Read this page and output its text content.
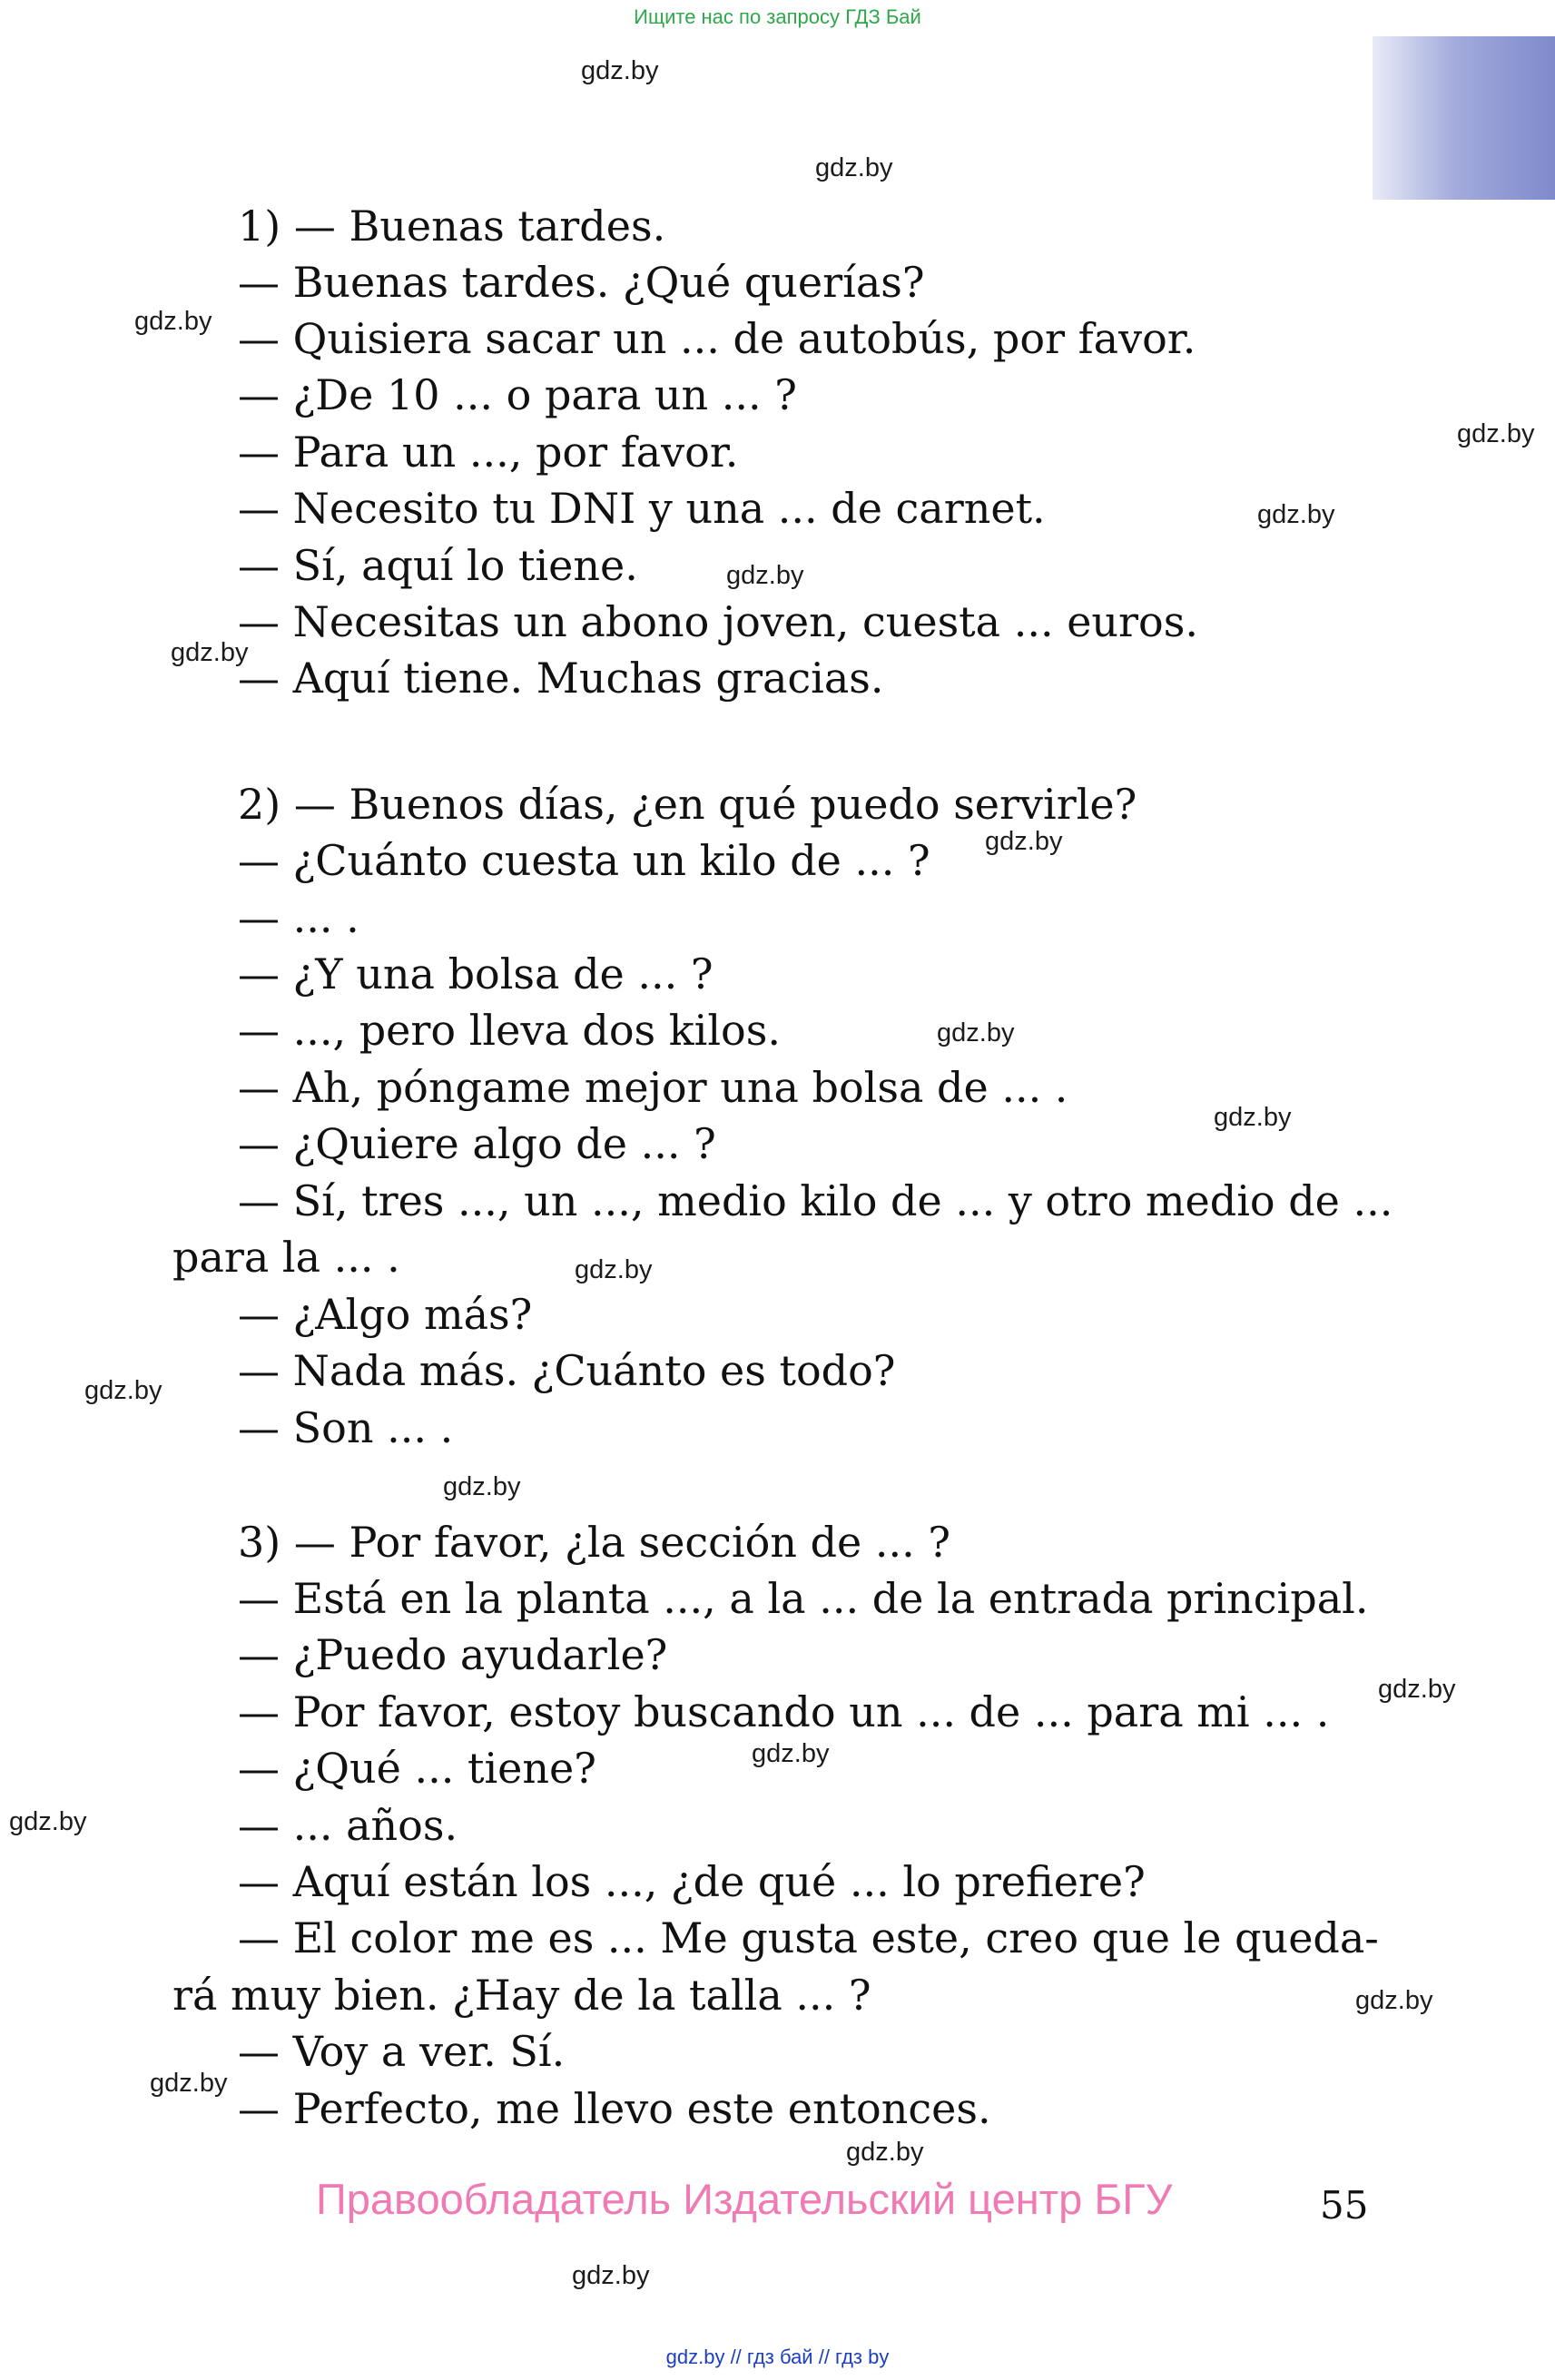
Ищите нас по запросу ГДЗ Бай
gdz.by
gdz.by
gdz.by
gdz.by
gdz.by
gdz.by
gdz.by
gdz.by
gdz.by
gdz.by
gdz.by
gdz.by
gdz.by
gdz.by
gdz.by
gdz.by
gdz.by
gdz.by
gdz.by
gdz.by
1) — Buenas tardes.
— Buenas tardes. ¿Qué querías?
— Quisiera sacar un ... de autobús, por favor.
— ¿De 10 ... o para un ... ?
— Para un ..., por favor.
— Necesito tu DNI y una ... de carnet.
— Sí, aquí lo tiene.
— Necesitas un abono joven, cuesta ... euros.
— Aquí tiene. Muchas gracias.
2) — Buenos días, ¿en qué puedo servirle?
— ¿Cuánto cuesta un kilo de ... ?
— ... .
— ¿Y una bolsa de ... ?
— ..., pero lleva dos kilos.
— Ah, póngame mejor una bolsa de ... .
— ¿Quiere algo de ... ?
— Sí, tres ..., un ..., medio kilo de ... y otro medio de ...
para la ... .
— ¿Algo más?
— Nada más. ¿Cuánto es todo?
— Son ... .
3) — Por favor, ¿la sección de ... ?
— Está en la planta ..., a la ... de la entrada principal.
— ¿Puedo ayudarle?
— Por favor, estoy buscando un ... de ... para mi ... .
— ¿Qué ... tiene?
— ... años.
— Aquí están los ..., ¿de qué ... lo prefiere?
— El color me es ... Me gusta este, creo que le queda-
rá muy bien. ¿Hay de la talla ... ?
— Voy a ver. Sí.
— Perfecto, me llevo este entonces.
Правообладатель Издательский центр БГУ	55
gdz.by // гдз бай // гдз by
